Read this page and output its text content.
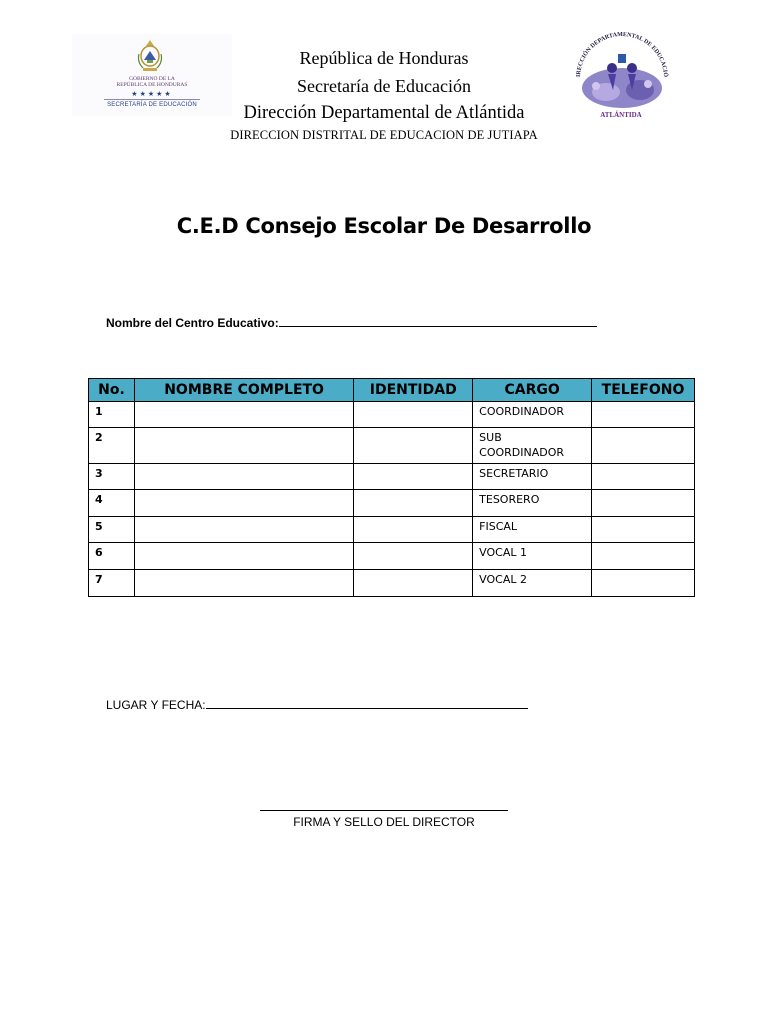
GOBIERNO DE LA
REPÚBLICA DE HONDURAS
★★★★★
SECRETARÍA DE EDUCACIÓN
República de Honduras
Secretaría de Educación
Dirección Departamental de Atlántida
DIRECCION DISTRITAL DE EDUCACION DE JUTIAPA
IRECCIÓN DEPARTAMENTAL DE EDUCACIÓ
ATLÁNTIDA
C.E.D Consejo Escolar De Desarrollo
Nombre del Centro Educativo:
No.	NOMBRE COMPLETO	IDENTIDAD	CARGO	TELEFONO
1			COORDINADOR	
2			SUB COORDINADOR	
3			SECRETARIO	
4			TESORERO	
5			FISCAL	
6			VOCAL 1	
7			VOCAL 2	
LUGAR Y FECHA:
FIRMA Y SELLO DEL DIRECTOR
